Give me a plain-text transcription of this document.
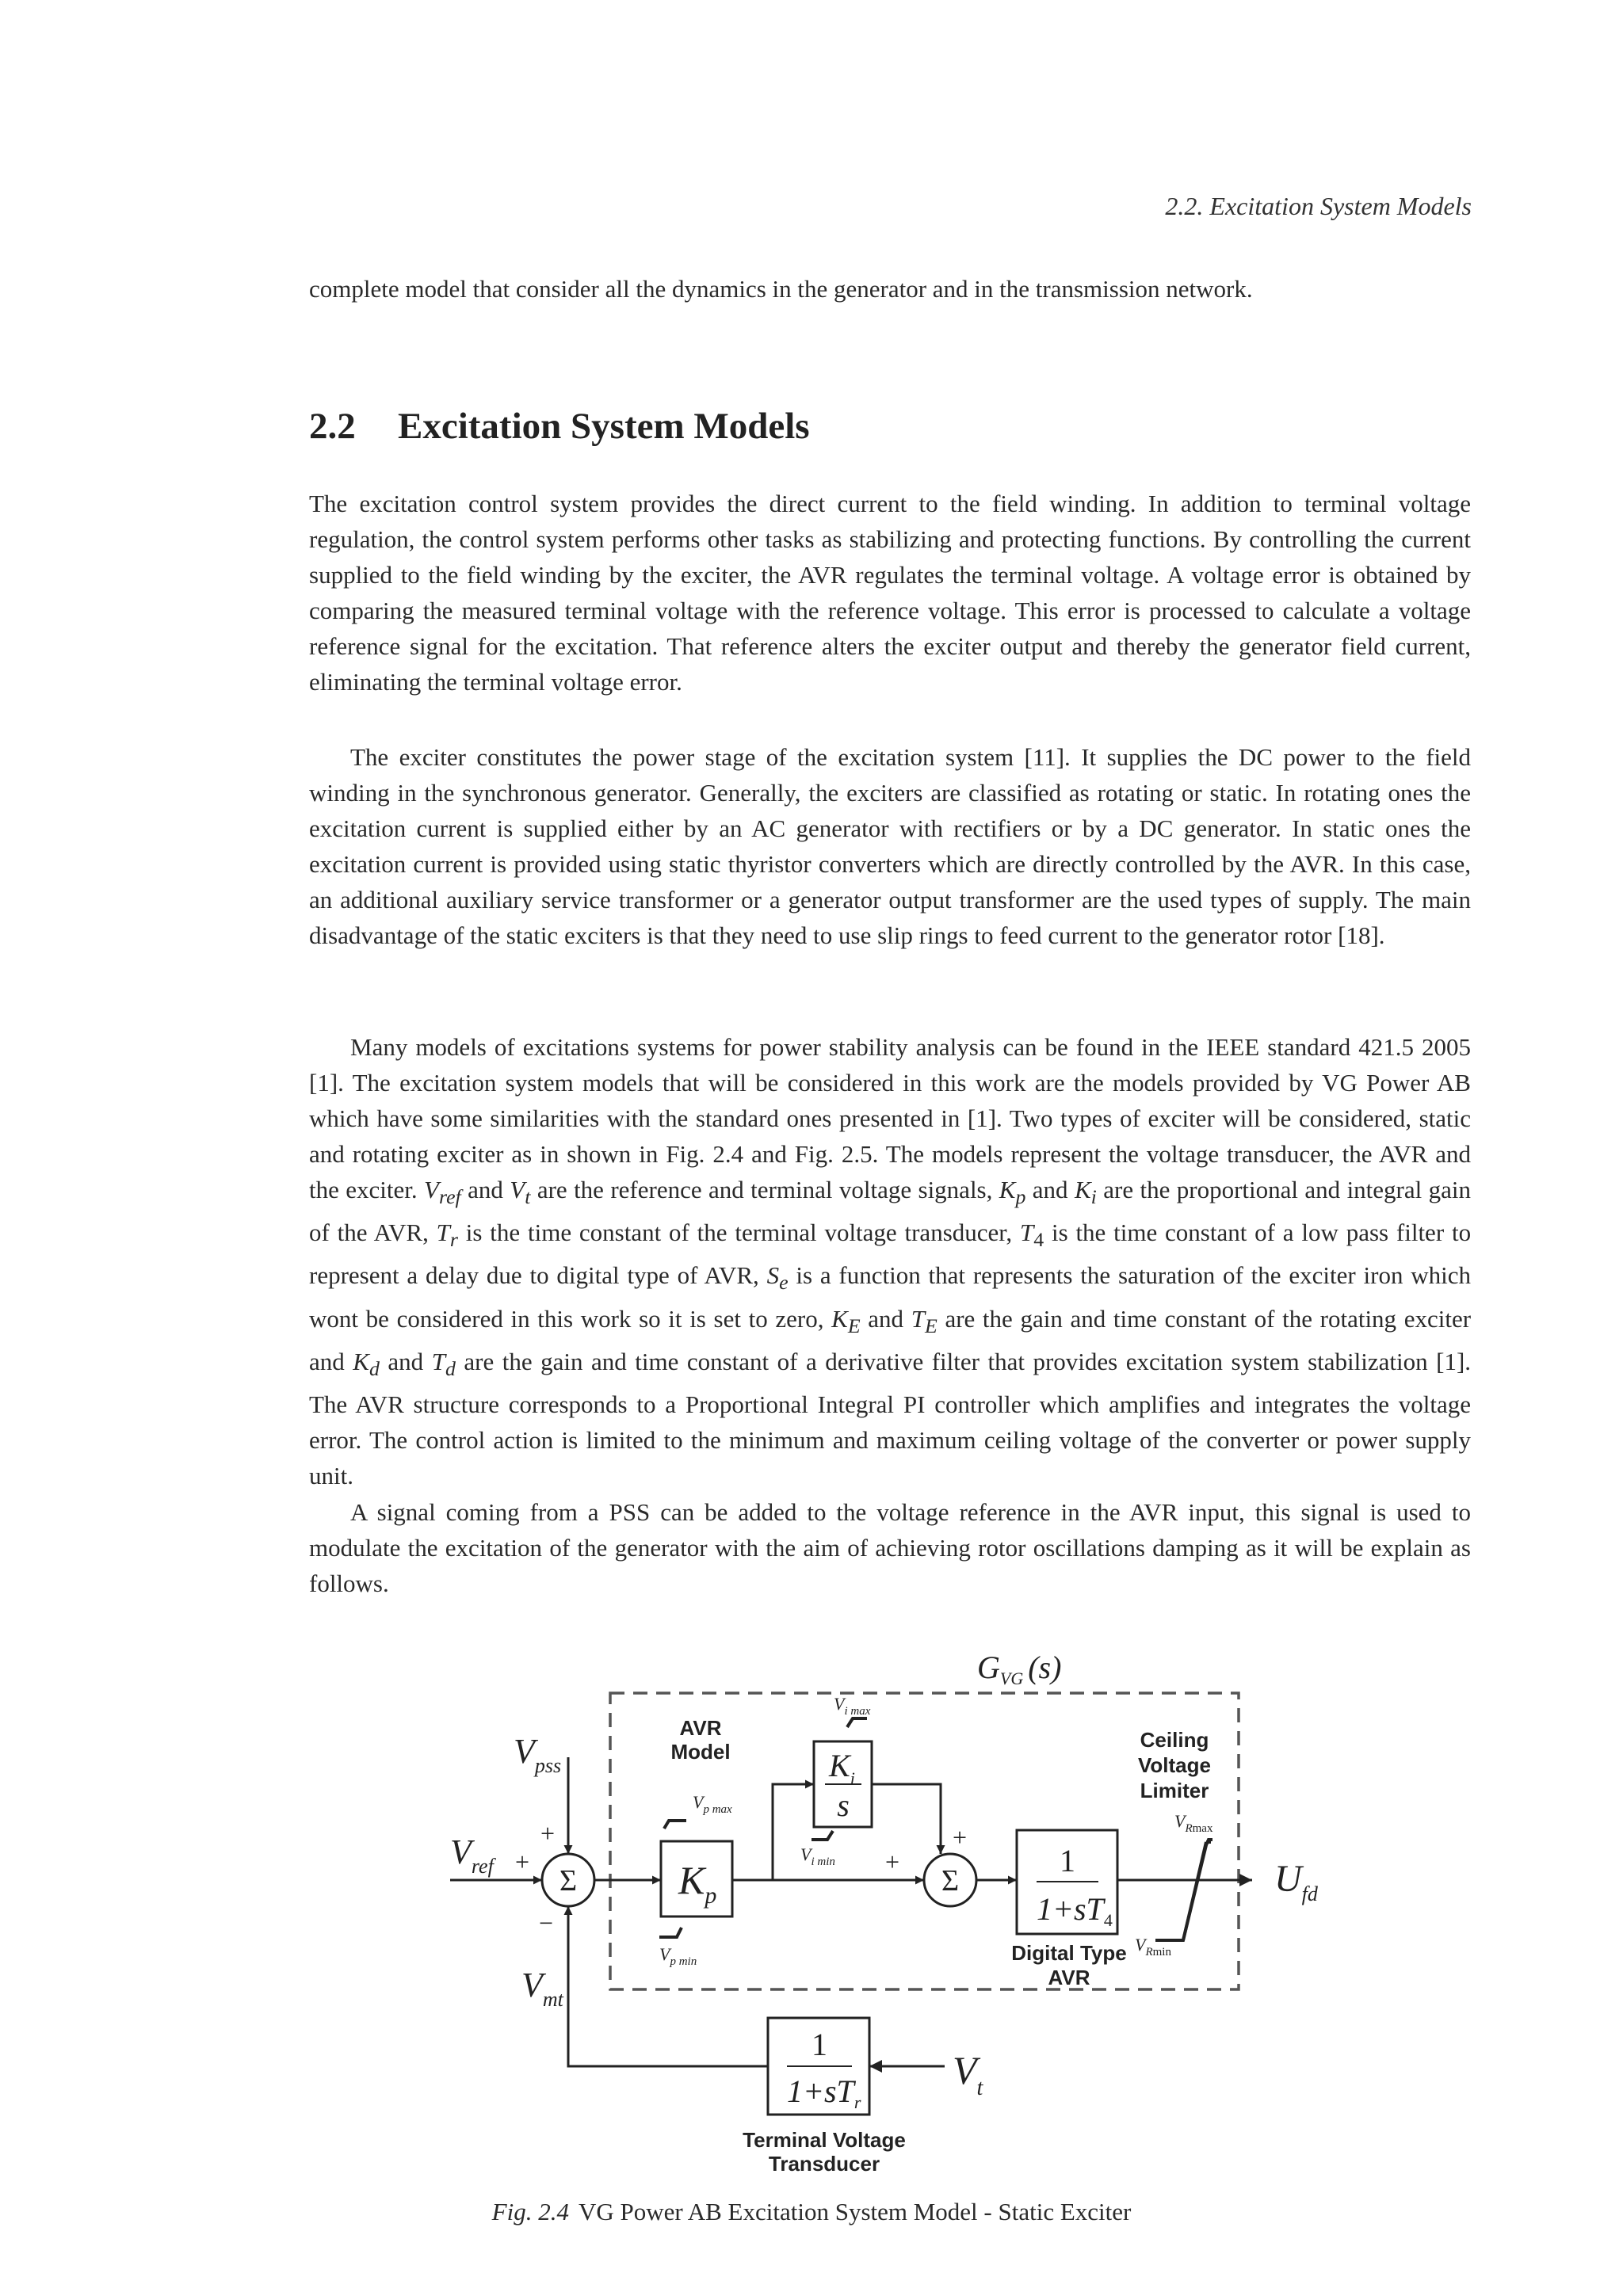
2.2. Excitation System Models

complete model that consider all the dynamics in the generator and in the transmission network.

2.2 Excitation System Models

The excitation control system provides the direct current to the field winding. In addition to terminal voltage regulation, the control system performs other tasks as stabilizing and protecting functions. By controlling the current supplied to the field winding by the exciter, the AVR regulates the terminal voltage. A voltage error is obtained by comparing the measured terminal voltage with the reference voltage. This error is processed to calculate a voltage reference signal for the excitation. That reference alters the exciter output and thereby the generator field current, eliminating the terminal voltage error.

The exciter constitutes the power stage of the excitation system [11]. It supplies the DC power to the field winding in the synchronous generator. Generally, the exciters are classified as rotating or static. In rotating ones the excitation current is supplied either by an AC generator with rectifiers or by a DC generator. In static ones the excitation current is provided using static thyristor converters which are directly controlled by the AVR. In this case, an additional auxiliary service transformer or a generator output transformer are the used types of supply. The main disadvantage of the static exciters is that they need to use slip rings to feed current to the generator rotor [18].

Many models of excitations systems for power stability analysis can be found in the IEEE standard 421.5 2005 [1]. The excitation system models that will be considered in this work are the models provided by VG Power AB which have some similarities with the standard ones presented in [1]. Two types of exciter will be considered, static and rotating exciter as in shown in Fig. 2.4 and Fig. 2.5. The models represent the voltage transducer, the AVR and the exciter. $V_{ref}$ and $V_t$ are the reference and terminal voltage signals, $K_p$ and $K_i$ are the proportional and integral gain of the AVR, $T_r$ is the time constant of the terminal voltage transducer, $T_4$ is the time constant of a low pass filter to represent a delay due to digital type of AVR, $S_e$ is a function that represents the saturation of the exciter iron which wont be considered in this work so it is set to zero, $K_E$ and $T_E$ are the gain and time constant of the rotating exciter and $K_d$ and $T_d$ are the gain and time constant of a derivative filter that provides excitation system stabilization [1]. The AVR structure corresponds to a Proportional Integral PI controller which amplifies and integrates the voltage error. The control action is limited to the minimum and maximum ceiling voltage of the converter or power supply unit.

A signal coming from a PSS can be added to the voltage reference in the AVR input, this signal is used to modulate the excitation of the generator with the aim of achieving rotor oscillations damping as it will be explain as follows.

Σ	Σ
$G_{VG}$ (s)
AVR
Model	Ceiling
Voltage
Limiter
Digital Type
AVR
Terminal Voltage
Transducer
$V_{pss}$
$V_{ref}$
$V_{mt}$
$V_t$
$U_{fd}$
+
+
−
+
+
$K_p$
$K_i$
s
1
$1+sT_4$
1
$1+sT_r$
$V_{p max}$
$V_{p min}$
$V_{i max}$
$V_{i min}$
$V_R\max$
$V_R\min$
Fig. 2.4 VG Power AB Excitation System Model - Static Exciter
